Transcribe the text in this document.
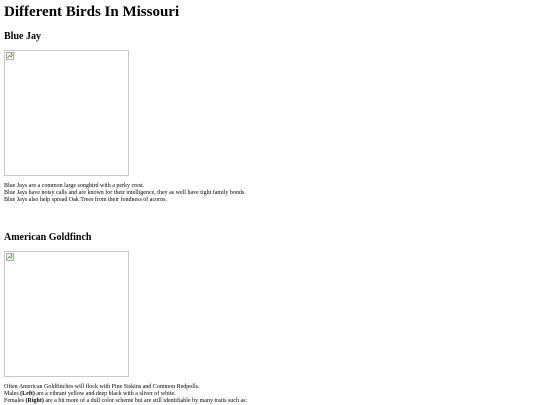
Different Birds In Missouri
Blue Jay

Blue Jays are a common large songbird with a perky crest.
Blue Jays have noisy calls and are known for their intelligence, they as well have tight family bonds.
Blue Jays also help spread Oak Trees from their fondness of acorns.

American Goldfinch

Often American Goldfinches will flock with Pine Siskins and Common Redpolls.
Males (Left) are a vibrant yellow and deep black with a sliver of white.
Females (Right) are a bit more of a dull color scheme but are still identifiable by many traits such as:
